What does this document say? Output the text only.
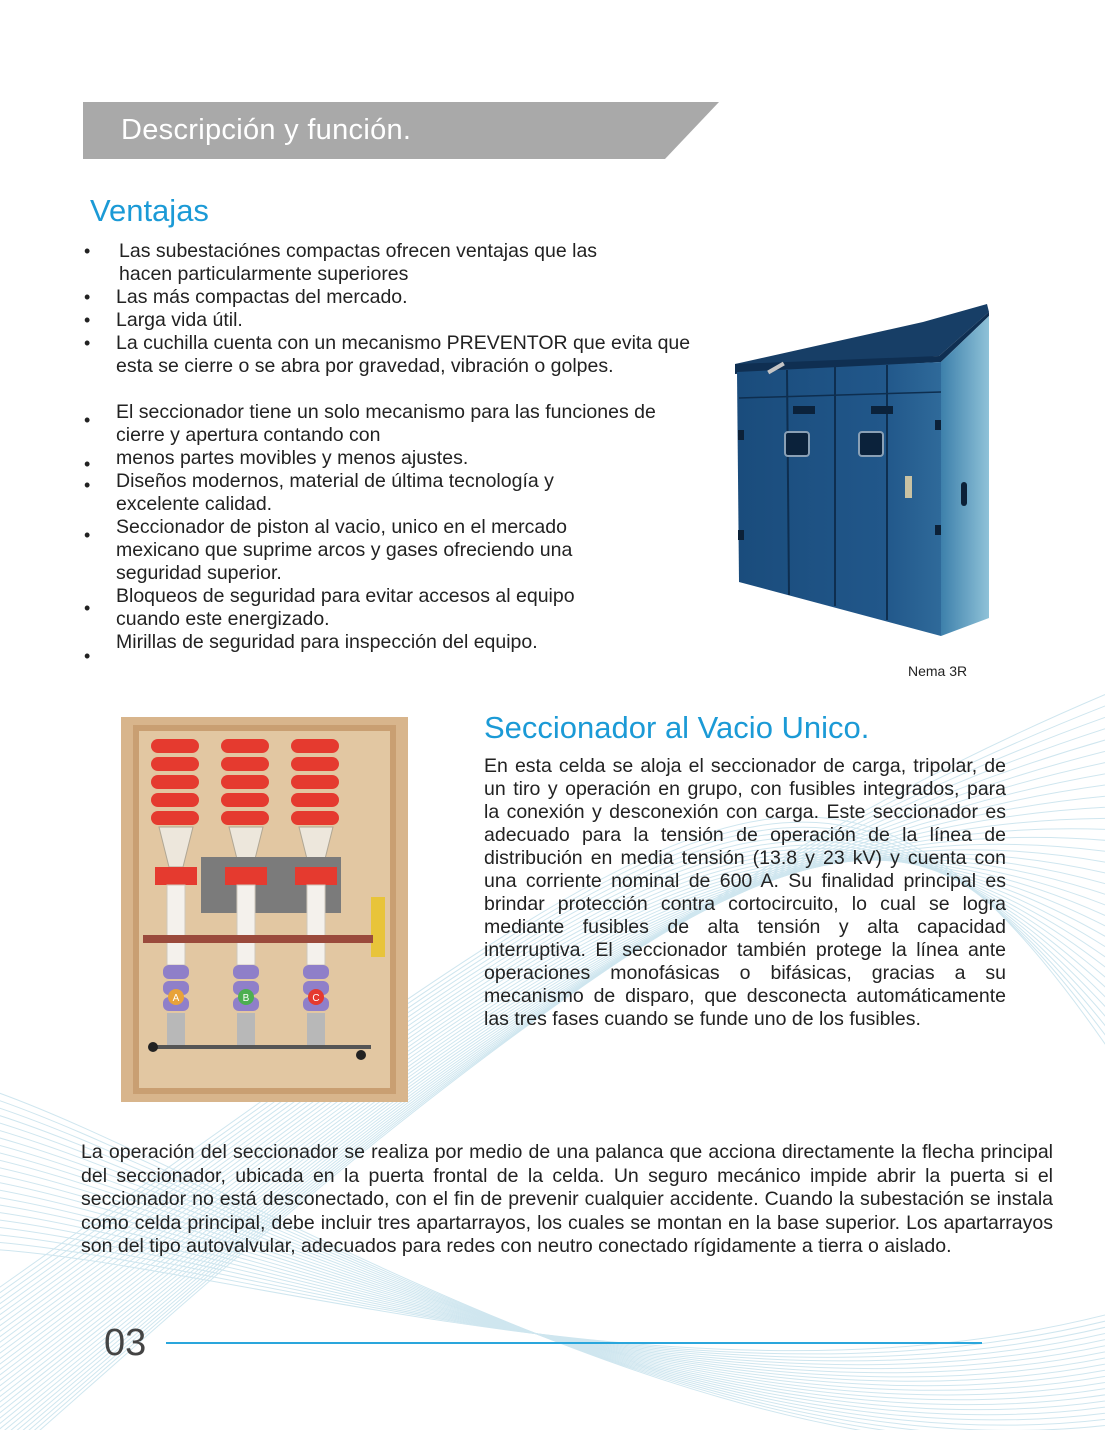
Descripción y función.
Ventajas
• Las subestaciónes compactas ofrecen ventajas que las hacen particularmente superiores
• Las más compactas del mercado.
• Larga vida útil.
• La cuchilla cuenta con un mecanismo PREVENTOR que evita que esta se cierre o se abra por gravedad, vibración o golpes.
• El seccionador tiene un solo mecanismo para las funciones de cierre y apertura contando con
• menos partes movibles y menos ajustes.
• Diseños modernos, material de última tecnología y excelente calidad.
• Seccionador de piston al vacio, unico en el mercado mexicano que suprime arcos y gases ofreciendo una seguridad superior.
•
Bloqueos de seguridad para evitar accesos al equipo cuando este energizado.
•
Mirillas de seguridad para inspección del equipo.
Nema 3R
A	B	C
Seccionador al Vacio Unico.
En esta celda se aloja el seccionador de carga, tripolar, de un tiro y operación en grupo, con fusibles integrados, para la conexión y desconexión con carga. Este seccionador es adecuado para la tensión de operación de la línea de distribución en media tensión (13.8 y 23 kV) y cuenta con una corriente nominal de 600 A. Su finalidad principal es brindar protección contra cortocircuito, lo cual se logra mediante fusibles de alta tensión y alta capacidad interruptiva. El seccionador también protege la línea ante operaciones monofásicas o bifásicas, gracias a su mecanismo de disparo, que desconecta automáticamente las tres fases cuando se funde uno de los fusibles.
La operación del seccionador se realiza por medio de una palanca que acciona directamente la flecha principal del seccionador, ubicada en la puerta frontal de la celda. Un seguro mecánico impide abrir la puerta si el seccionador no está desconectado, con el fin de prevenir cualquier accidente. Cuando la subestación se instala como celda principal, debe incluir tres apartarrayos, los cuales se montan en la base superior. Los apartarrayos son del tipo autovalvular, adecuados para redes con neutro conectado rígidamente a tierra o aislado.
03
